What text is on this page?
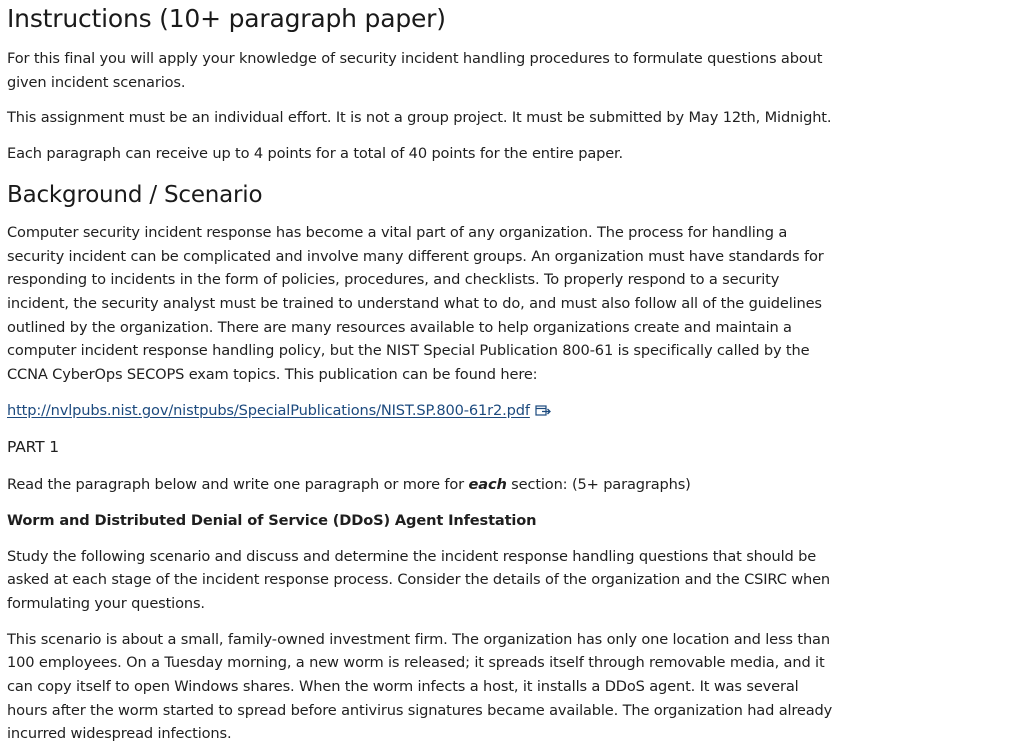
Instructions (10+ paragraph paper)

For this final you will apply your knowledge of security incident handling procedures to formulate questions about given incident scenarios.

This assignment must be an individual effort. It is not a group project. It must be submitted by May 12th, Midnight.

Each paragraph can receive up to 4 points for a total of 40 points for the entire paper.

Background / Scenario

Computer security incident response has become a vital part of any organization. The process for handling a security incident can be complicated and involve many different groups. An organization must have standards for responding to incidents in the form of policies, procedures, and checklists. To properly respond to a security incident, the security analyst must be trained to understand what to do, and must also follow all of the guidelines outlined by the organization. There are many resources available to help organizations create and maintain a computer incident response handling policy, but the NIST Special Publication 800-61 is specifically called by the CCNA CyberOps SECOPS exam topics. This publication can be found here:

http://nvlpubs.nist.gov/nistpubs/SpecialPublications/NIST.SP.800-61r2.pdf

PART 1

Read the paragraph below and write one paragraph or more for each section: (5+ paragraphs)

Worm and Distributed Denial of Service (DDoS) Agent Infestation

Study the following scenario and discuss and determine the incident response handling questions that should be asked at each stage of the incident response process. Consider the details of the organization and the CSIRC when formulating your questions.

This scenario is about a small, family-owned investment firm. The organization has only one location and less than 100 employees. On a Tuesday morning, a new worm is released; it spreads itself through removable media, and it can copy itself to open Windows shares. When the worm infects a host, it installs a DDoS agent. It was several hours after the worm started to spread before antivirus signatures became available. The organization had already incurred widespread infections.
